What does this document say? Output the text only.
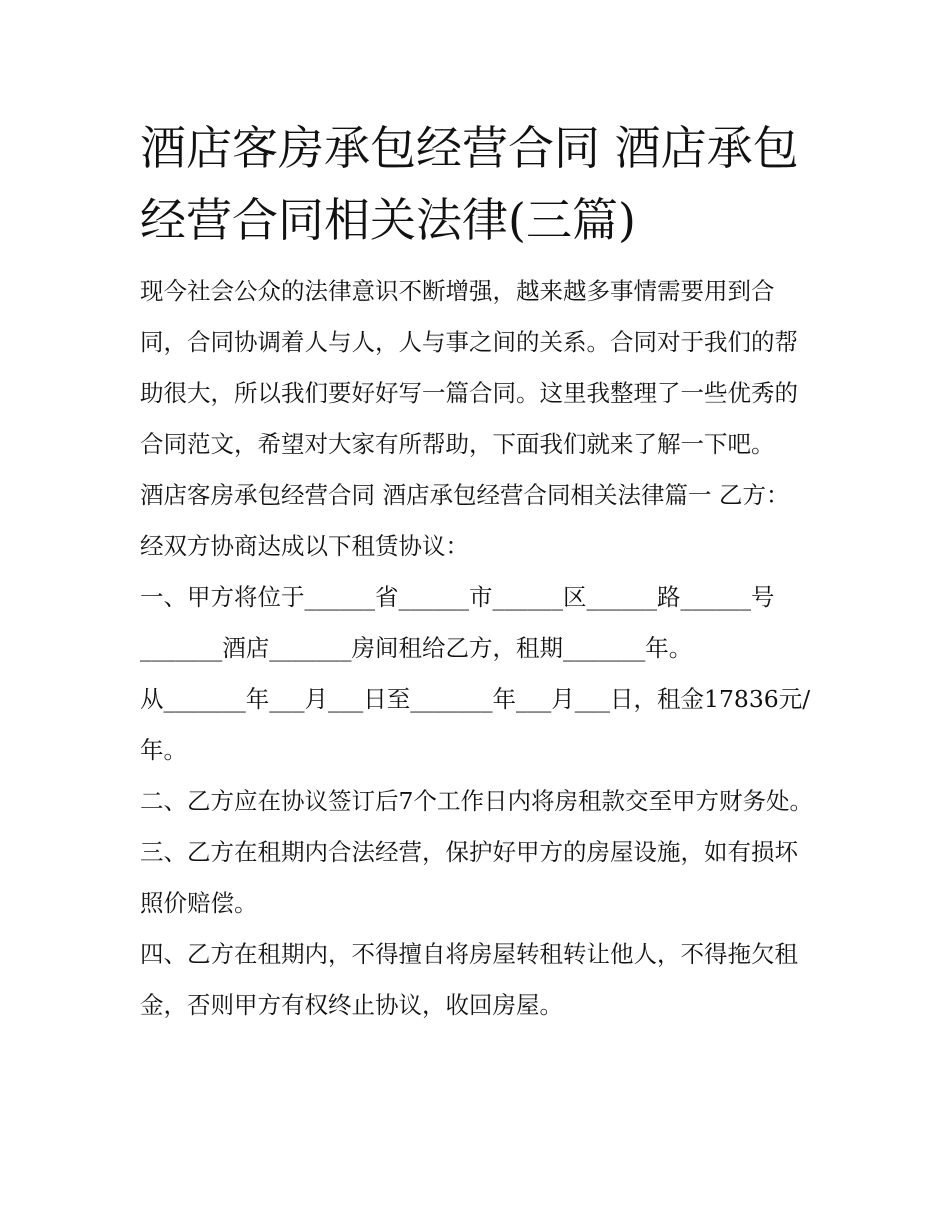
酒店客房承包经营合同 酒店承包经营合同相关法律(三篇)

现今社会公众的法律意识不断增强，越来越多事情需要用到合同，合同协调着人与人，人与事之间的关系。合同对于我们的帮助很大，所以我们要好好写一篇合同。这里我整理了一些优秀的合同范文，希望对大家有所帮助，下面我们就来了解一下吧。

酒店客房承包经营合同 酒店承包经营合同相关法律篇一 乙方： 经双方协商达成以下租赁协议：

一、甲方将位于______省______市______区______路______号_______酒店_______房间租给乙方，租期_______年。

从_______年___月___日至_______年___月___日，租金17836元/年。

二、乙方应在协议签订后7个工作日内将房租款交至甲方财务处。 三、乙方在租期内合法经营，保护好甲方的房屋设施，如有损坏照价赔偿。

四、乙方在租期内，不得擅自将房屋转租转让他人，不得拖欠租金，否则甲方有权终止协议，收回房屋。
